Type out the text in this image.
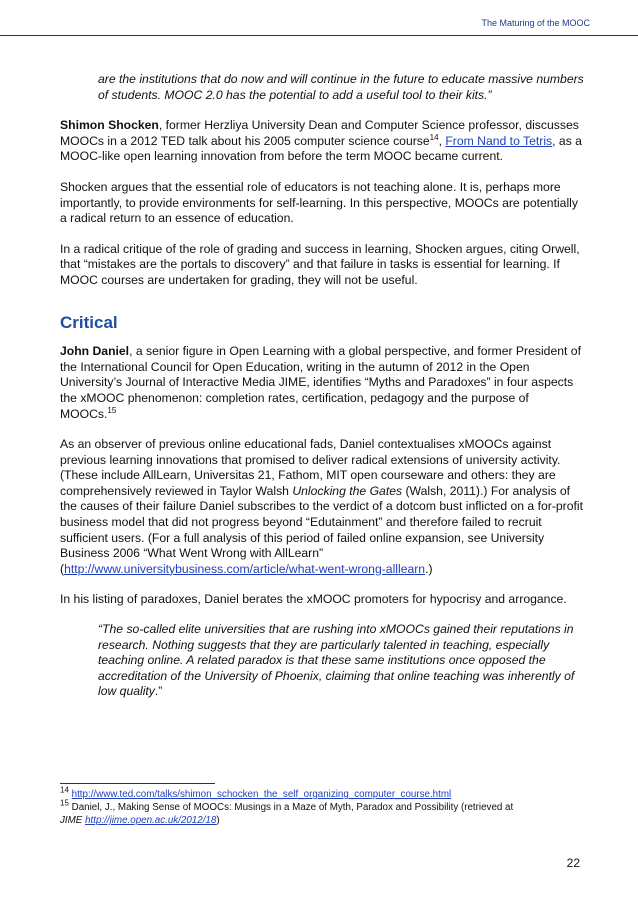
The Maturing of the MOOC

are the institutions that do now and will continue in the future to educate massive numbers of students. MOOC 2.0 has the potential to add a useful tool to their kits.”

Shimon Shocken, former Herzliya University Dean and Computer Science professor, discusses MOOCs in a 2012 TED talk about his 2005 computer science course$^{14}$, From Nand to Tetris, as a MOOC-like open learning innovation from before the term MOOC became current.

Shocken argues that the essential role of educators is not teaching alone. It is, perhaps more importantly, to provide environments for self-learning. In this perspective, MOOCs are potentially a radical return to an essence of education.

In a radical critique of the role of grading and success in learning, Shocken argues, citing Orwell, that “mistakes are the portals to discovery” and that failure in tasks is essential for learning. If MOOC courses are undertaken for grading, they will not be useful.

Critical

John Daniel, a senior figure in Open Learning with a global perspective, and former President of the International Council for Open Education, writing in the autumn of 2012 in the Open University’s Journal of Interactive Media JIME, identifies “Myths and Paradoxes” in four aspects the xMOOC phenomenon: completion rates, certification, pedagogy and the purpose of MOOCs.$^{15}$

As an observer of previous online educational fads, Daniel contextualises xMOOCs against previous learning innovations that promised to deliver radical extensions of university activity. (These include AllLearn, Universitas 21, Fathom, MIT open courseware and others: they are comprehensively reviewed in Taylor Walsh Unlocking the Gates (Walsh, 2011).) For analysis of the causes of their failure Daniel subscribes to the verdict of a dotcom bust inflicted on a for-profit business model that did not progress beyond “Edutainment” and therefore failed to recruit sufficient users. (For a full analysis of this period of failed online expansion, see University Business 2006 “What Went Wrong with AllLearn” (http://www.universitybusiness.com/article/what-went-wrong-alllearn.)

In his listing of paradoxes, Daniel berates the xMOOC promoters for hypocrisy and arrogance.

“The so-called elite universities that are rushing into xMOOCs gained their reputations in research. Nothing suggests that they are particularly talented in teaching, especially teaching online. A related paradox is that these same institutions once opposed the accreditation of the University of Phoenix, claiming that online teaching was inherently of low quality.”

$^{14}$ http://www.ted.com/talks/shimon_schocken_the_self_organizing_computer_course.html
$^{15}$ Daniel, J., Making Sense of MOOCs: Musings in a Maze of Myth, Paradox and Possibility (retrieved at
JIME http://jime.open.ac.uk/2012/18)
22
